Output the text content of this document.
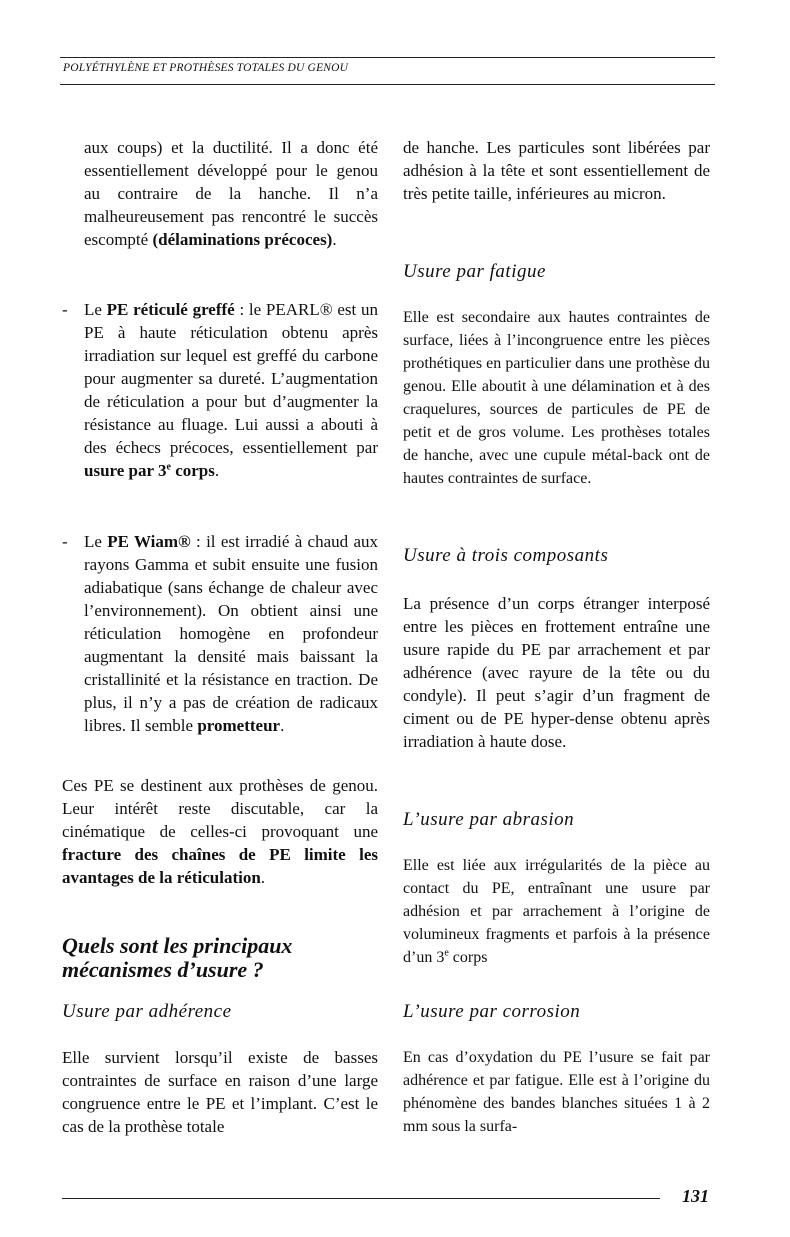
POLYÉTHYLÈNE ET PROTHÈSES TOTALES DU GENOU
aux coups) et la ductilité. Il a donc été essentiellement développé pour le genou au contraire de la hanche. Il n’a malheureusement pas rencontré le succès escompté (délaminations précoces).
- Le PE réticulé greffé : le PEARL® est un PE à haute réticulation obtenu après irradiation sur lequel est greffé du carbone pour augmenter sa dureté. L’augmentation de réticulation a pour but d’augmenter la résistance au fluage. Lui aussi a abouti à des échecs précoces, essentiellement par usure par 3e corps.
- Le PE Wiam® : il est irradié à chaud aux rayons Gamma et subit ensuite une fusion adiabatique (sans échange de chaleur avec l’environnement). On obtient ainsi une réticulation homogène en profondeur augmentant la densité mais baissant la cristallinité et la résistance en traction. De plus, il n’y a pas de création de radicaux libres. Il semble prometteur.
Ces PE se destinent aux prothèses de genou. Leur intérêt reste discutable, car la cinématique de celles-ci provoquant une fracture des chaînes de PE limite les avantages de la réticulation.
Quels sont les principaux mécanismes d’usure ?
Usure par adhérence
Elle survient lorsqu’il existe de basses contraintes de surface en raison d’une large congruence entre le PE et l’implant. C’est le cas de la prothèse totale
de hanche. Les particules sont libérées par adhésion à la tête et sont essentiellement de très petite taille, inférieures au micron.
Usure par fatigue
Elle est secondaire aux hautes contraintes de surface, liées à l’incongruence entre les pièces prothétiques en particulier dans une prothèse du genou. Elle aboutit à une délamination et à des craquelures, sources de particules de PE de petit et de gros volume. Les prothèses totales de hanche, avec une cupule métal-back ont de hautes contraintes de surface.
Usure à trois composants
La présence d’un corps étranger interposé entre les pièces en frottement entraîne une usure rapide du PE par arrachement et par adhérence (avec rayure de la tête ou du condyle). Il peut s’agir d’un fragment de ciment ou de PE hyper-dense obtenu après irradiation à haute dose.
L’usure par abrasion
Elle est liée aux irrégularités de la pièce au contact du PE, entraînant une usure par adhésion et par arrachement à l’origine de volumineux fragments et parfois à la présence d’un 3e corps
L’usure par corrosion
En cas d’oxydation du PE l’usure se fait par adhérence et par fatigue. Elle est à l’origine du phénomène des bandes blanches situées 1 à 2 mm sous la surfa-
131
